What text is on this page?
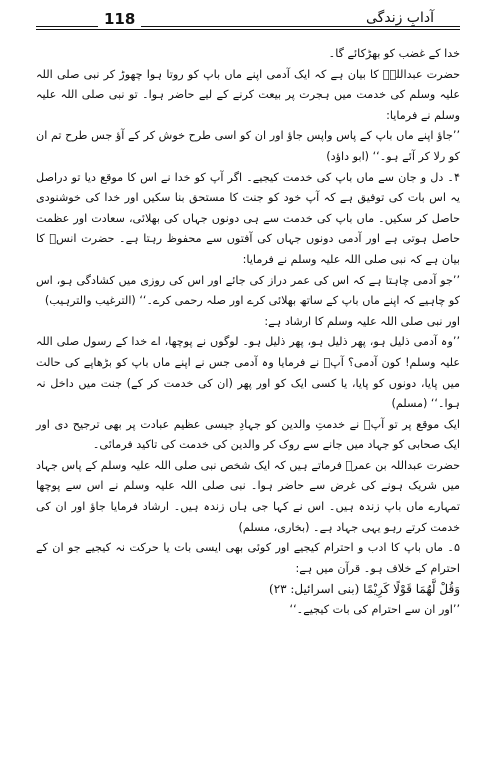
118	آدابِ زندگی

خدا کے غضب کو بھڑکائے گا۔

حضرت عبداللہؓ کا بیان ہے کہ ایک آدمی اپنے ماں باپ کو روتا ہوا چھوڑ کر نبی صلی اللہ علیہ وسلم کی خدمت میں ہجرت پر بیعت کرنے کے لیے حاضر ہوا۔ تو نبی صلی اللہ علیہ وسلم نے فرمایا:

’’جاؤ اپنے ماں باپ کے پاس واپس جاؤ اور ان کو اسی طرح خوش کر کے آؤ جس طرح تم ان کو رلا کر آئے ہو۔‘‘ (ابو داؤد)

۴۔ دل و جان سے ماں باپ کی خدمت کیجیے۔ اگر آپ کو خدا نے اس کا موقع دیا تو دراصل یہ اس بات کی توفیق ہے کہ آپ خود کو جنت کا مستحق بنا سکیں اور خدا کی خوشنودی حاصل کر سکیں۔ ماں باپ کی خدمت سے ہی دونوں جہاں کی بھلائی، سعادت اور عظمت حاصل ہوتی ہے اور آدمی دونوں جہاں کی آفتوں سے محفوظ رہتا ہے۔ حضرت انسؓ کا بیان ہے کہ نبی صلی اللہ علیہ وسلم نے فرمایا:

’’جو آدمی چاہتا ہے کہ اس کی عمر دراز کی جائے اور اس کی روزی میں کشادگی ہو، اس کو چاہیے کہ اپنے ماں باپ کے ساتھ بھلائی کرے اور صلہ رحمی کرے۔‘‘ (الترغیب والترہیب)

اور نبی صلی اللہ علیہ وسلم کا ارشاد ہے:

’’وہ آدمی ذلیل ہو، پھر ذلیل ہو، پھر ذلیل ہو۔ لوگوں نے پوچھا، اے خدا کے رسول صلی اللہ علیہ وسلم! کون آدمی؟ آپؐ نے فرمایا وہ آدمی جس نے اپنے ماں باپ کو بڑھاپے کی حالت میں پایا، دونوں کو پایا، یا کسی ایک کو اور پھر (ان کی خدمت کر کے) جنت میں داخل نہ ہوا۔‘‘ (مسلم)

ایک موقع پر تو آپؐ نے خدمتِ والدین کو جہادِ جیسی عظیم عبادت پر بھی ترجیح دی اور ایک صحابی کو جہاد میں جانے سے روک کر والدین کی خدمت کی تاکید فرمائی۔

حضرت عبداللہ بن عمرؓ فرماتے ہیں کہ ایک شخص نبی صلی اللہ علیہ وسلم کے پاس جہاد میں شریک ہونے کی غرض سے حاضر ہوا۔ نبی صلی اللہ علیہ وسلم نے اس سے پوچھا تمہارے ماں باپ زندہ ہیں۔ اس نے کہا جی ہاں زندہ ہیں۔ ارشاد فرمایا جاؤ اور ان کی خدمت کرتے رہو یہی جہاد ہے۔ (بخاری، مسلم)

۵۔ ماں باپ کا ادب و احترام کیجیے اور کوئی بھی ایسی بات یا حرکت نہ کیجیے جو ان کے احترام کے خلاف ہو۔ قرآن میں ہے:

وَقُلْ لَّهُمَا قَوْلًا كَرِيْمًا (بنی اسرائیل: ۲۳)

’’اور ان سے احترام کی بات کیجیے۔‘‘
